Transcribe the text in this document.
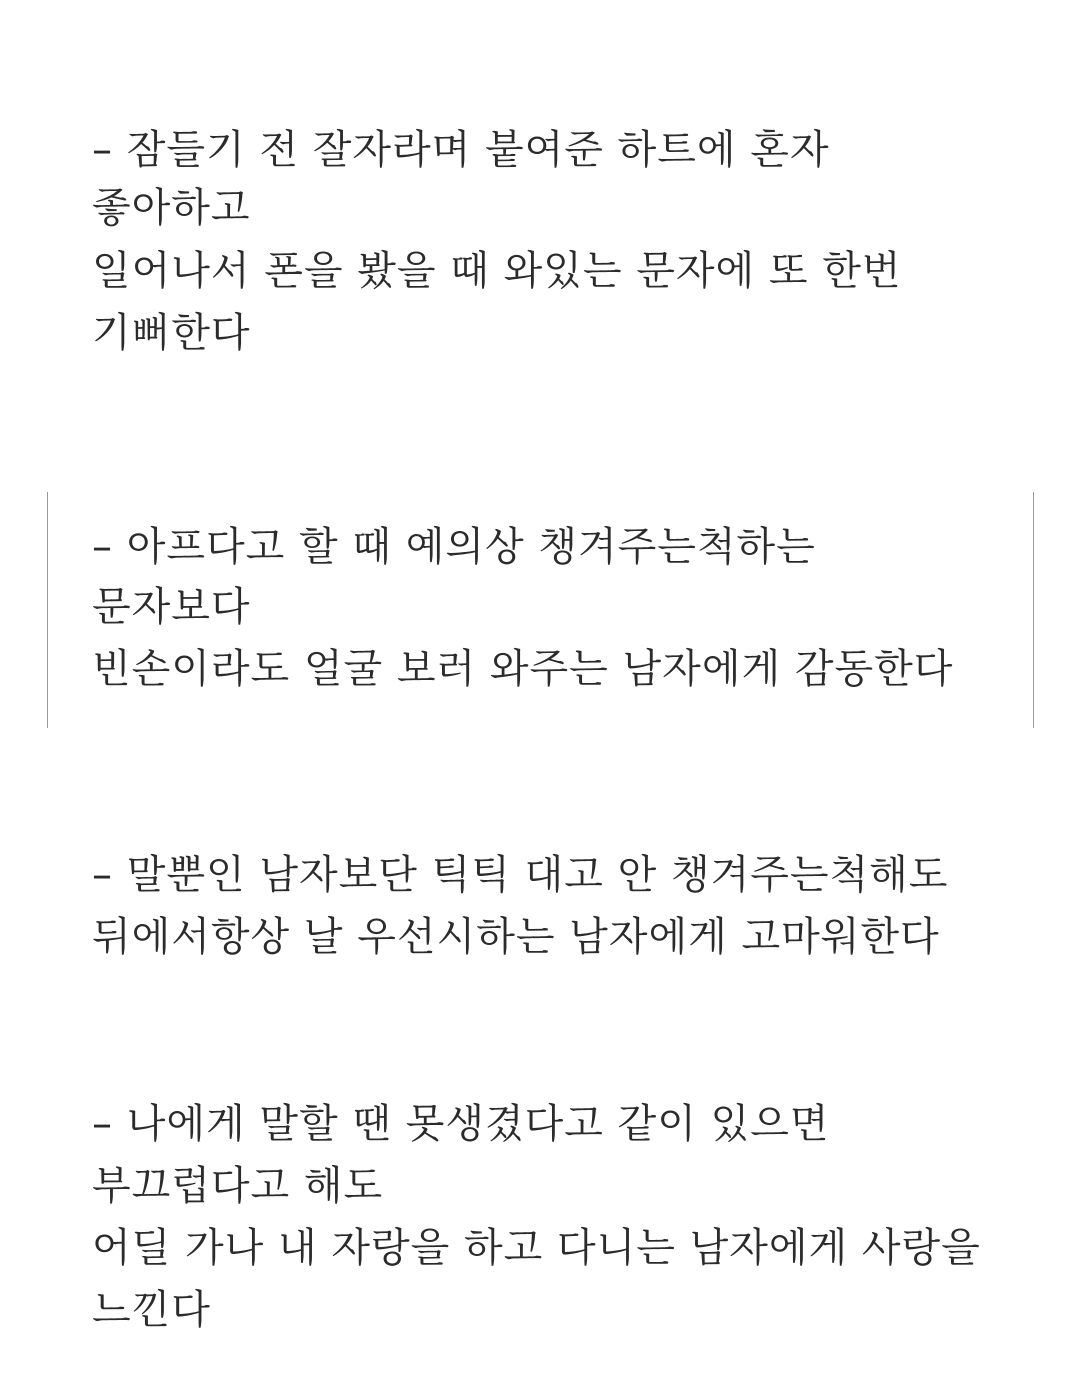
– 잠들기 전 잘자라며 붙여준 하트에 혼자
좋아하고
일어나서 폰을 봤을 때 와있는 문자에 또 한번
기뻐한다
– 아프다고 할 때 예의상 챙겨주는척하는
문자보다
빈손이라도 얼굴 보러 와주는 남자에게 감동한다
– 말뿐인 남자보단 틱틱 대고 안 챙겨주는척해도
뒤에서항상 날 우선시하는 남자에게 고마워한다
– 나에게 말할 땐 못생겼다고 같이 있으면
부끄럽다고 해도
어딜 가나 내 자랑을 하고 다니는 남자에게 사랑을
느낀다
